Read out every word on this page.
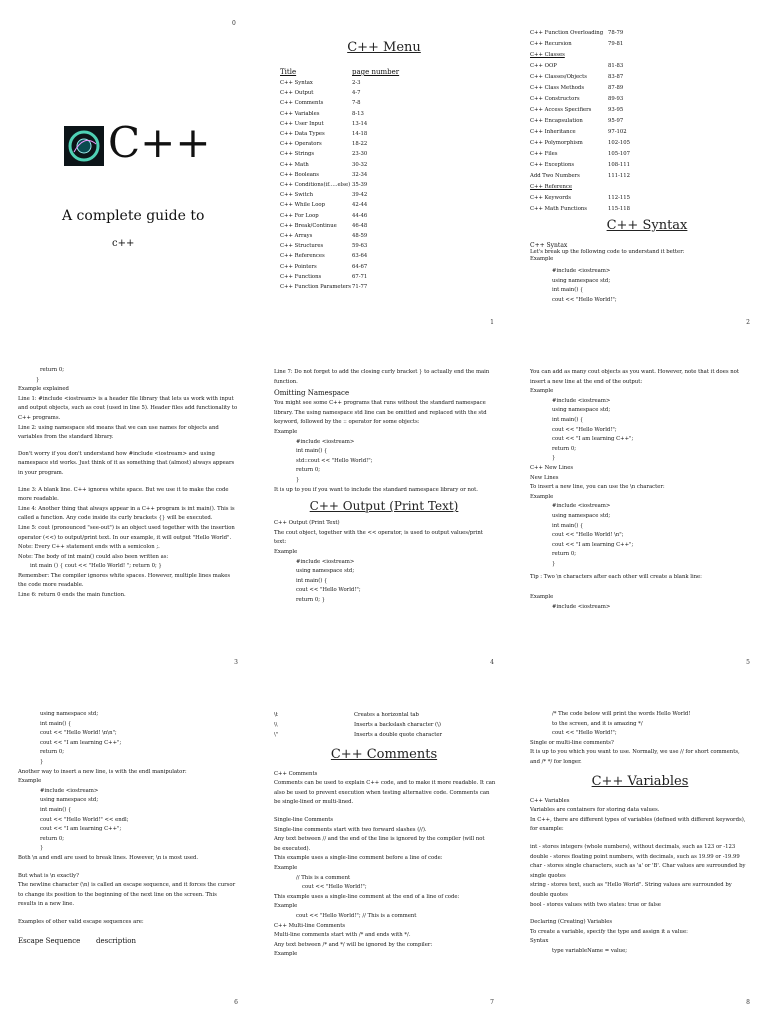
0
C++
A complete guide to
c++
C++ Menu
Title	page number
C++ Syntax	2-3
C++ Output	4-7
C++ Comments	7-8
C++ Variables	8-13
C++ User Input	13-14
C++ Data Types	14-18
C++ Operators	18-22
C++ Strings	23-30
C++ Math	30-32
C++ Booleans	32-34
C++ Conditions(if.....else) 35-39
C++ Switch	39-42
C++ While Loop	42-44
C++ For Loop	44-46
C++ Break/Continue	46-48
C++ Arrays	48-59
C++ Structures	59-63
C++ References	63-64
C++ Pointers	64-67
C++ Functions	67-71
C++ Function Parameters 71-77
1
C++ Function Overloading 78-79
C++ Recursion	79-81
C++ Classes
C++ OOP	81-83
C++ Classes/Objects	83-87
C++ Class Methods	87-89
C++ Constructors	89-93
C++ Access Specifiers	93-95
C++ Encapsulation	95-97
C++ Inheritance	97-102
C++ Polymorphism	102-105
C++ Files	105-107
C++ Exceptions	108-111
Add Two Numbers	111-112
C++ Reference
C++ Keywords	112-115
C++ Math Functions	115-118
C++ Syntax
C++ Syntax
Let's break up the following code to understand it better:
Example
#include <iostream>
using namespace std;
int main() {
cout << "Hello World!";
2
return 0;
}
Example explained
Line 1: #include <iostream> is a header file library that lets us work with input
and output objects, such as cout (used in line 5). Header files add functionality to
C++ programs.
Line 2: using namespace std means that we can use names for objects and
variables from the standard library.
Don't worry if you don't understand how #include <iostream> and using
namespace std works. Just think of it as something that (almost) always appears
in your program.
Line 3: A blank line. C++ ignores white space. But we use it to make the code
more readable.
Line 4: Another thing that always appear in a C++ program is int main(). This is
called a function. Any code inside its curly brackets {} will be executed.
Line 5: cout (pronounced "see-out") is an object used together with the insertion
operator (<<) to output/print text. In our example, it will output "Hello World".
Note: Every C++ statement ends with a semicolon ;.
Note: The body of int main() could also been written as:
int main () { cout << "Hello World! "; return 0; }
Remember: The compiler ignores white spaces. However, multiple lines makes
the code more readable.
Line 6: return 0 ends the main function.
3
Line 7: Do not forget to add the closing curly bracket } to actually end the main
function.
Omitting Namespace
You might see some C++ programs that runs without the standard namespace
library. The using namespace std line can be omitted and replaced with the std
keyword, followed by the :: operator for some objects:
Example
#include <iostream>
int main() {
std::cout << "Hello World!";
return 0;
}
It is up to you if you want to include the standard namespace library or not.
C++ Output (Print Text)
C++ Output (Print Text)
The cout object, together with the << operator, is used to output values/print
text:
Example
#include <iostream>
using namespace std;
int main() {
cout << "Hello World!";
return 0; }
4
You can add as many cout objects as you want. However, note that it does not
insert a new line at the end of the output:
Example
#include <iostream>
using namespace std;
int main() {
cout << "Hello World!";
cout << "I am learning C++";
return 0;
}
C++ New Lines
New Lines
To insert a new line, you can use the \n character:
Example
#include <iostream>
using namespace std;
int main() {
cout << "Hello World! \n";
cout << "I am learning C++";
return 0;
}
Tip : Two \n characters after each other will create a blank line:
Example
#include <iostream>
5
using namespace std;
int main() {
cout << "Hello World! \n\n";
cout << "I am learning C++";
return 0;
}
Another way to insert a new line, is with the endl manipulator:
Example
#include <iostream>
using namespace std;
int main() {
cout << "Hello World!" << endl;
cout << "I am learning C++";
return 0;
}
Both \n and endl are used to break lines. However, \n is most used.
But what is \n exactly?
The newline character (\n) is called an escape sequence, and it forces the cursor
to change its position to the beginning of the next line on the screen. This
results in a new line.
Examples of other valid escape sequences are:
Escape Sequence	description
6
\t	Creates a horizontal tab
\\	Inserts a backslash character (\)
\"	Inserts a double quote character
C++ Comments
C++ Comments
Comments can be used to explain C++ code, and to make it more readable. It can
also be used to prevent execution when testing alternative code. Comments can
be single-lined or multi-lined.
Single-line Comments
Single-line comments start with two forward slashes (//).
Any text between // and the end of the line is ignored by the compiler (will not
be executed).
This example uses a single-line comment before a line of code:
Example
// This is a comment
cout << "Hello World!";
This example uses a single-line comment at the end of a line of code:
Example
cout << "Hello World!"; // This is a comment
C++ Multi-line Comments
Multi-line comments start with /* and ends with */.
Any text between /* and */ will be ignored by the compiler:
Example
7
/* The code below will print the words Hello World!
to the screen, and it is amazing */
cout << "Hello World!";
Single or multi-line comments?
It is up to you which you want to use. Normally, we use // for short comments,
and /* */ for longer.
C++ Variables
C++ Variables
Variables are containers for storing data values.
In C++, there are different types of variables (defined with different keywords),
for example:
int - stores integers (whole numbers), without decimals, such as 123 or -123
double - stores floating point numbers, with decimals, such as 19.99 or -19.99
char - stores single characters, such as 'a' or 'B'. Char values are surrounded by
single quotes
string - stores text, such as "Hello World". String values are surrounded by
double quotes
bool - stores values with two states: true or false
Declaring (Creating) Variables
To create a variable, specify the type and assign it a value:
Syntax
type variableName = value;
8
